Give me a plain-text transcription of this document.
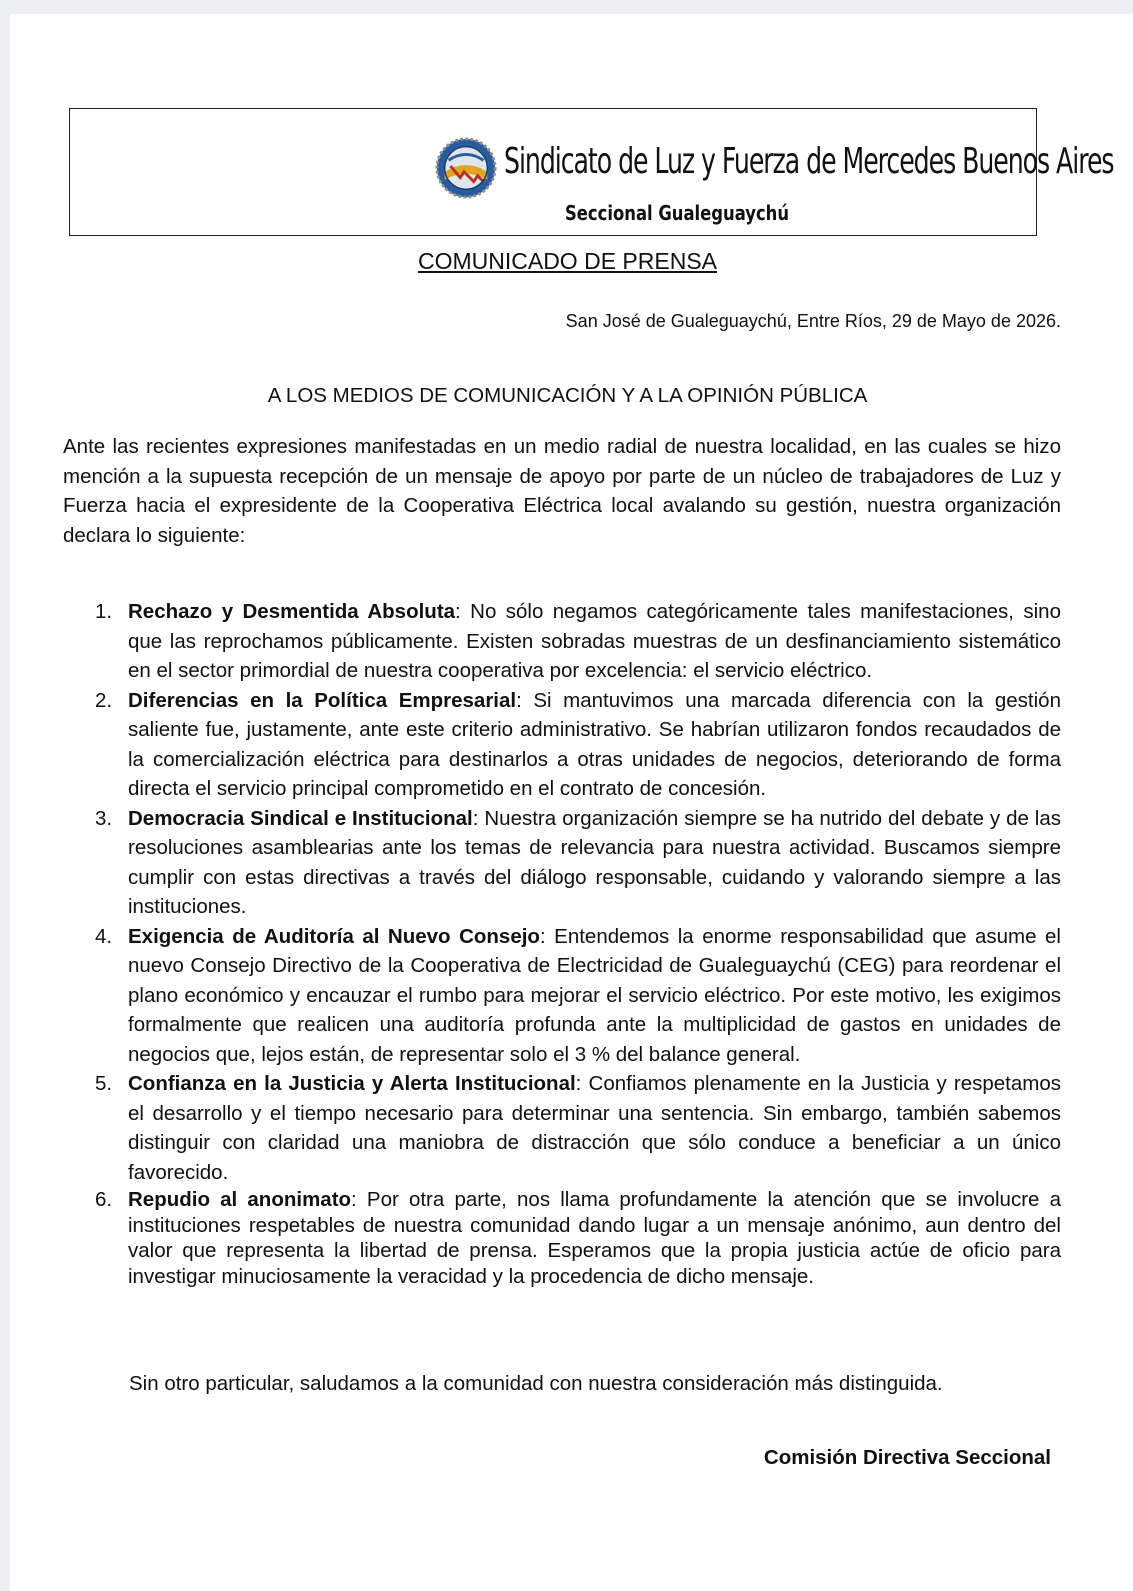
Sindicato de Luz y Fuerza de Mercedes Buenos Aires
Seccional Gualeguaychú
COMUNICADO DE PRENSA
San José de Gualeguaychú, Entre Ríos, 29 de Mayo de 2026.
A LOS MEDIOS DE COMUNICACIÓN Y A LA OPINIÓN PÚBLICA

Ante las recientes expresiones manifestadas en un medio radial de nuestra localidad, en las cuales se hizo mención a la supuesta recepción de un mensaje de apoyo por parte de un núcleo de trabajadores de Luz y Fuerza hacia el expresidente de la Cooperativa Eléctrica local avalando su gestión, nuestra organización declara lo siguiente:

1. Rechazo y Desmentida Absoluta: No sólo negamos categóricamente tales manifestaciones, sino que las reprochamos públicamente. Existen sobradas muestras de un desfinanciamiento sistemático en el sector primordial de nuestra cooperativa por excelencia: el servicio eléctrico.
2. Diferencias en la Política Empresarial: Si mantuvimos una marcada diferencia con la gestión saliente fue, justamente, ante este criterio administrativo. Se habrían utilizaron fondos recaudados de la comercialización eléctrica para destinarlos a otras unidades de negocios, deteriorando de forma directa el servicio principal comprometido en el contrato de concesión.
3. Democracia Sindical e Institucional: Nuestra organización siempre se ha nutrido del debate y de las resoluciones asamblearias ante los temas de relevancia para nuestra actividad. Buscamos siempre cumplir con estas directivas a través del diálogo responsable, cuidando y valorando siempre a las instituciones.
4. Exigencia de Auditoría al Nuevo Consejo: Entendemos la enorme responsabilidad que asume el nuevo Consejo Directivo de la Cooperativa de Electricidad de Gualeguaychú (CEG) para reordenar el plano económico y encauzar el rumbo para mejorar el servicio eléctrico. Por este motivo, les exigimos formalmente que realicen una auditoría profunda ante la multiplicidad de gastos en unidades de negocios que, lejos están, de representar solo el 3 % del balance general.
5. Confianza en la Justicia y Alerta Institucional: Confiamos plenamente en la Justicia y respetamos el desarrollo y el tiempo necesario para determinar una sentencia. Sin embargo, también sabemos distinguir con claridad una maniobra de distracción que sólo conduce a beneficiar a un único favorecido.
6. Repudio al anonimato: Por otra parte, nos llama profundamente la atención que se involucre a instituciones respetables de nuestra comunidad dando lugar a un mensaje anónimo, aun dentro del valor que representa la libertad de prensa. Esperamos que la propia justicia actúe de oficio para investigar minuciosamente la veracidad y la procedencia de dicho mensaje.
Sin otro particular, saludamos a la comunidad con nuestra consideración más distinguida.
Comisión Directiva Seccional
